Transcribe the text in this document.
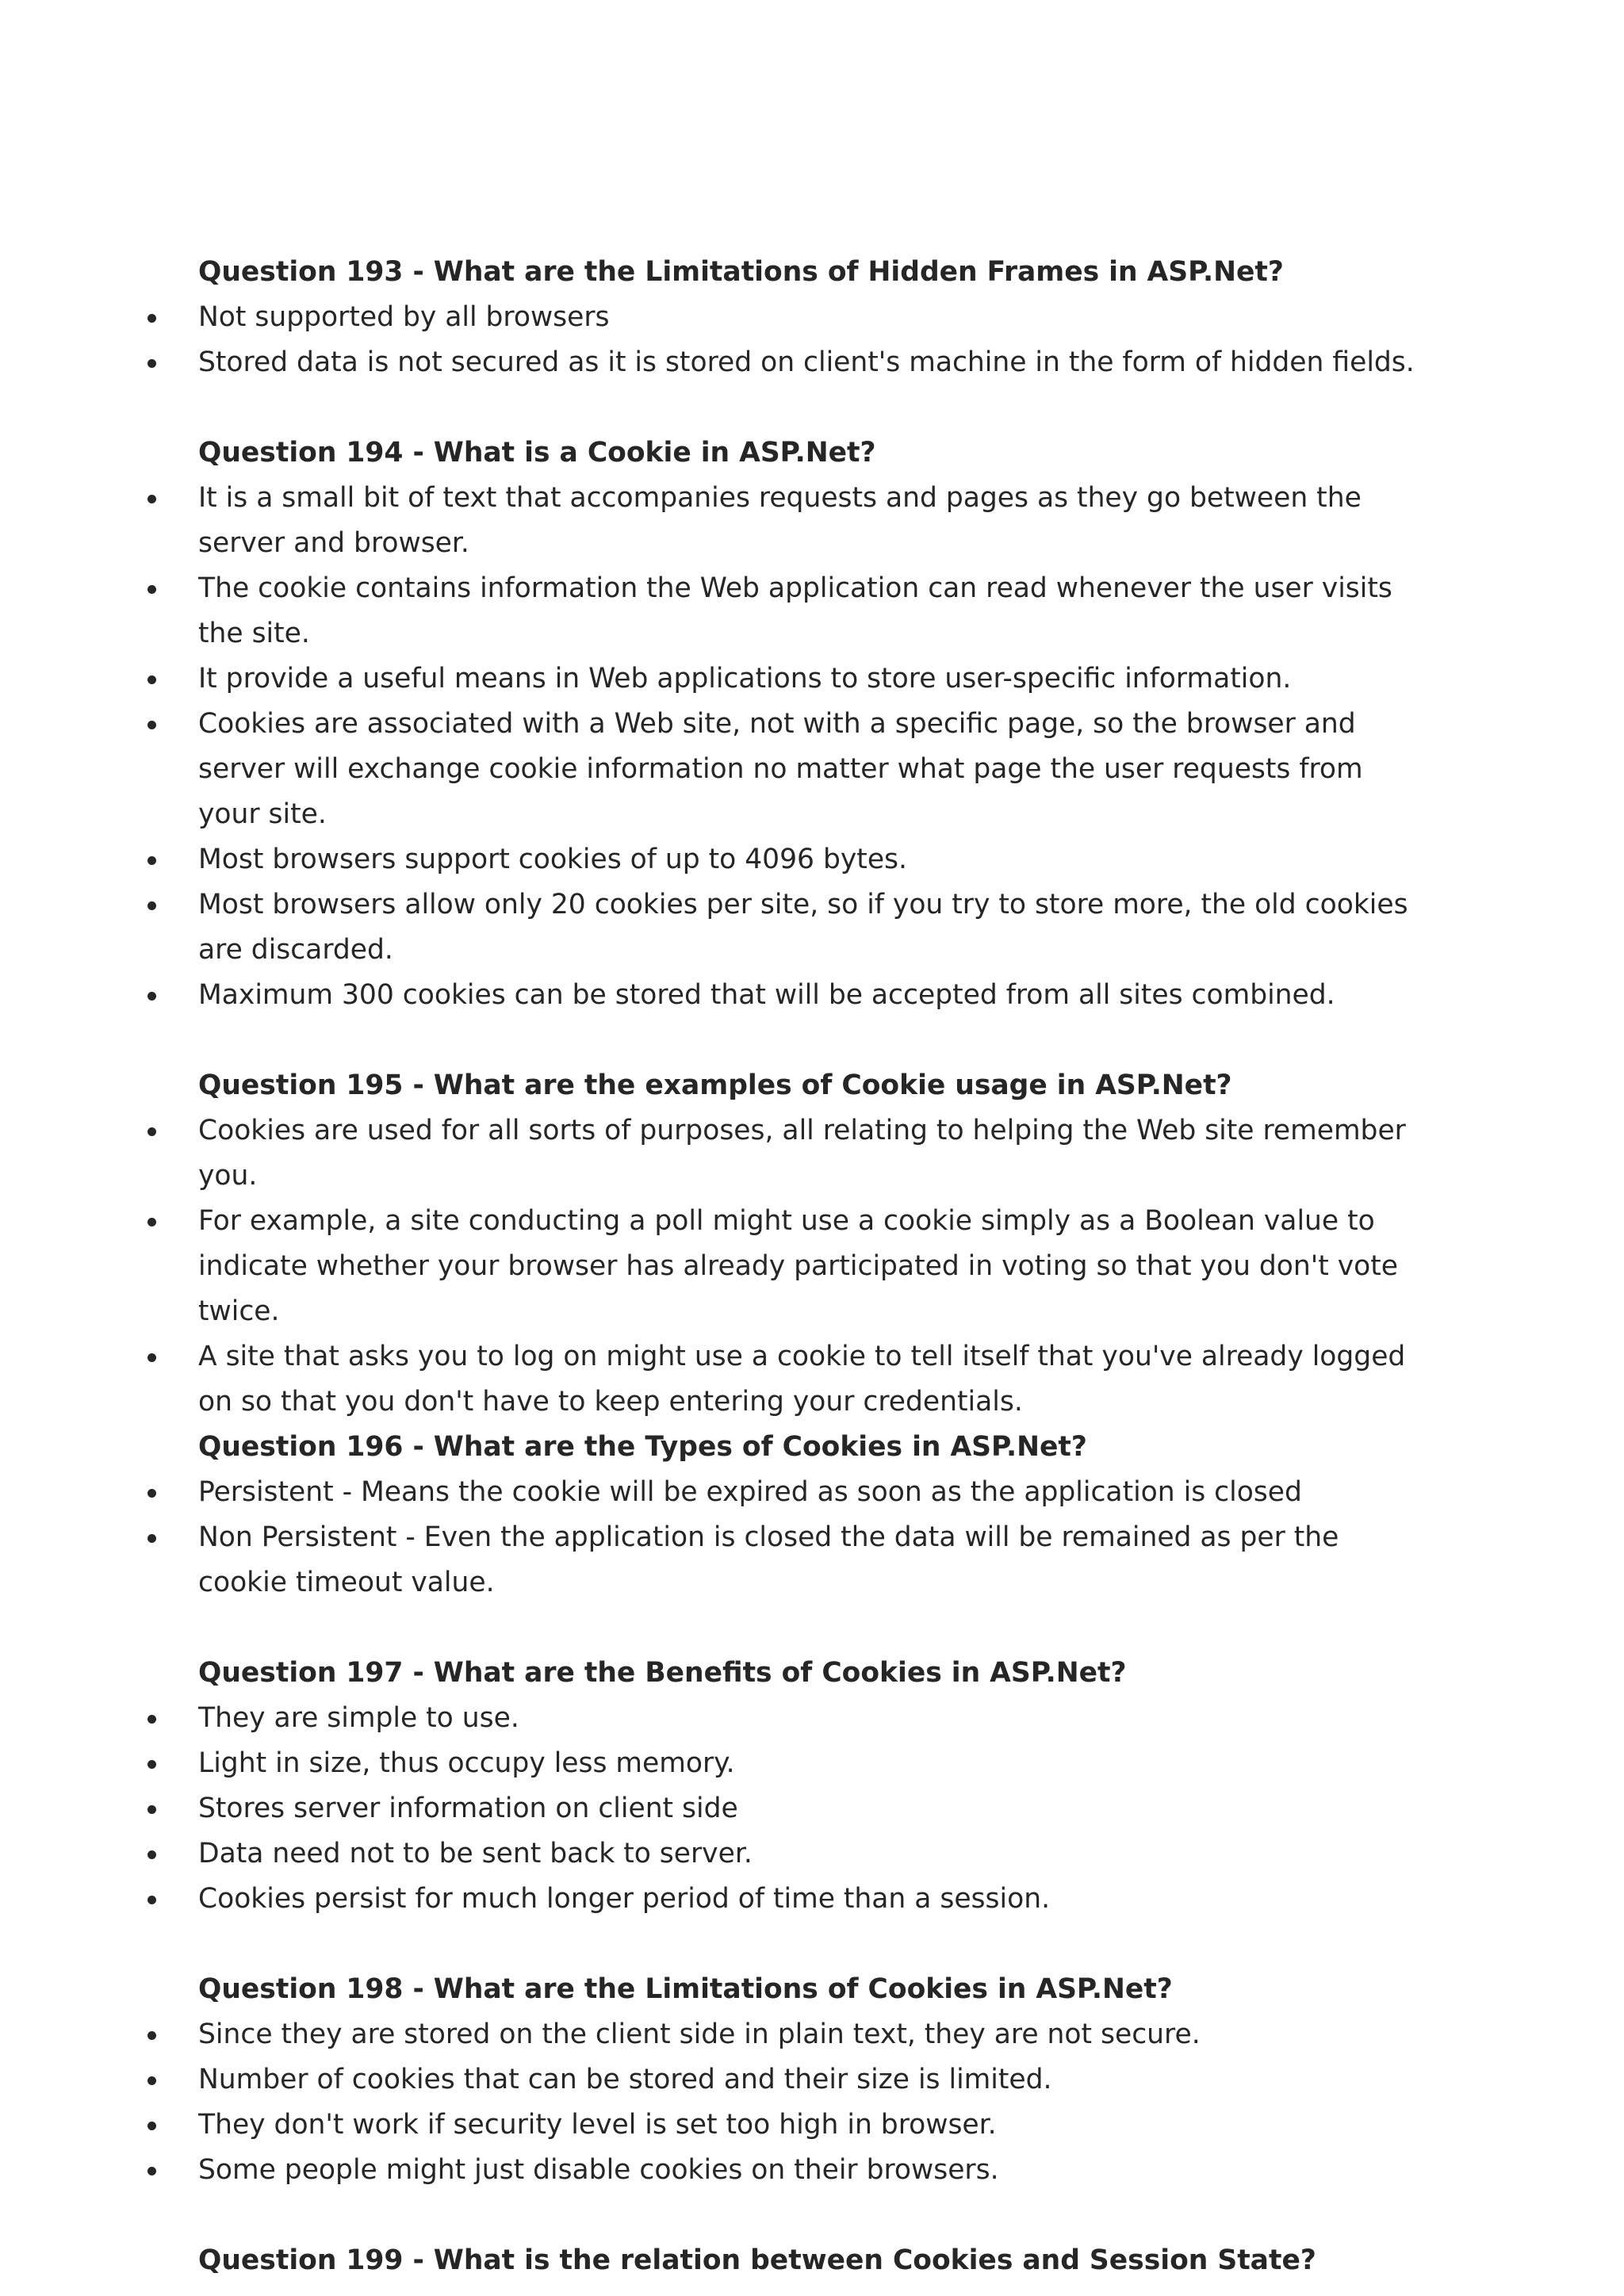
Question 193 - What are the Limitations of Hidden Frames in ASP.Net?
Not supported by all browsers
Stored data is not secured as it is stored on client's machine in the form of hidden fields.
Question 194 - What is a Cookie in ASP.Net?
It is a small bit of text that accompanies requests and pages as they go between the server and browser.
The cookie contains information the Web application can read whenever the user visits the site.
It provide a useful means in Web applications to store user-specific information.
Cookies are associated with a Web site, not with a specific page, so the browser and server will exchange cookie information no matter what page the user requests from your site.
Most browsers support cookies of up to 4096 bytes.
Most browsers allow only 20 cookies per site, so if you try to store more, the old cookies are discarded.
Maximum 300 cookies can be stored that will be accepted from all sites combined.
Question 195 - What are the examples of Cookie usage in ASP.Net?
Cookies are used for all sorts of purposes, all relating to helping the Web site remember you.
For example, a site conducting a poll might use a cookie simply as a Boolean value to indicate whether your browser has already participated in voting so that you don't vote twice.
A site that asks you to log on might use a cookie to tell itself that you've already logged on so that you don't have to keep entering your credentials.
Question 196 - What are the Types of Cookies in ASP.Net?
Persistent - Means the cookie will be expired as soon as the application is closed
Non Persistent - Even the application is closed the data will be remained as per the cookie timeout value.
Question 197 - What are the Benefits of Cookies in ASP.Net?
They are simple to use.
Light in size, thus occupy less memory.
Stores server information on client side
Data need not to be sent back to server.
Cookies persist for much longer period of time than a session.
Question 198 - What are the Limitations of Cookies in ASP.Net?
Since they are stored on the client side in plain text, they are not secure.
Number of cookies that can be stored and their size is limited.
They don't work if security level is set too high in browser.
Some people might just disable cookies on their browsers.
Question 199 - What is the relation between Cookies and Session State?
